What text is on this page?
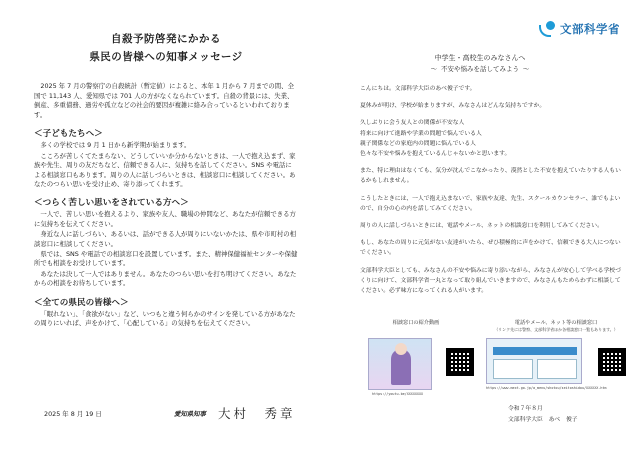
自殺予防啓発にかかる
県民の皆様への知事メッセージ
2025 年 7 月の警察庁の自殺統計（暫定値）によると、本年 1 月から 7 月までの間、全国で 11,143 人、愛知県では 701 人の方がなくなられています。自殺の背景には、失業、倒産、多重債務、過労や孤立などの社会的要因が複雑に絡み合っているといわれております。
＜子どもたちへ＞
多くの学校では 9 月 1 日から新学期が始まります。
こころが苦しくてたまらない、どうしていいか分からないときは、一人で抱え込まず、家族や先生、周りの友だちなど、信頼できる人に、気持ちを話してください。SNS や電話による相談窓口もあります。周りの人に話しづらいときは、相談窓口に相談してください。あなたのつらい思いを受け止め、寄り添ってくれます。
＜つらく苦しい思いをされている方へ＞
一人で、苦しい思いを抱えるより、家族や友人、職場の仲間など、あなたが信頼できる方に気持ちを伝えてください。
身近な人に話しづらい、あるいは、話ができる人が周りにいないかたは、県や市町村の相談窓口に相談してください。
県では、SNS や電話での相談窓口を設置しています。また、精神保健福祉センターや保健所でも相談をお受けしています。
あなたは決して一人ではありません。あなたのつらい思いを打ち明けてください。あなたからの相談をお待ちしています。
＜全ての県民の皆様へ＞
「眠れない」、「食欲がない」など、いつもと違う何らかのサインを発している方があなたの周りにいれば、声をかけて、「心配している」の気持ちを伝えてください。
2025 年 8 月 19 日	愛知県知事 大村　秀章
文部科学省
中学生・高校生のみなさんへ
～ 不安や悩みを話してみよう ～
こんにちは。文部科学大臣のあべ俊子です。
夏休みが明け、学校が始まりますが、みなさんはどんな気持ちですか。
久しぶりに会う友人との関係が不安な人
将来に向けて進路や学業の問題で悩んでいる人
親子関係などの家庭内の問題に悩んでいる人
色々な不安や悩みを抱えているんじゃないかと思います。
また、特に理由はなくても、気分が沈んでこなかったり、漠然とした不安を抱えていたりする人もいるかもしれません。
こうしたときには、一人で抱え込まないで、家族や友達、先生、スクールカウンセラー、誰でもよいので、自分の心の内を話してみてください。
周りの人に話しづらいときには、電話やメール、ネットの相談窓口を利用してみてください。
もし、あなたの周りに元気がない友達がいたら、ぜひ積極的に声をかけて、信頼できる大人につないでください。
文部科学大臣としても、みなさんの不安や悩みに寄り添いながら、みなさんが安心して学べる学校づくりに向けて、文部科学省一丸となって取り組んでいきますので、みなさんもためらわずに相談してください。必ず味方になってくれる人がいます。
相談窓口の紹介動画
https://youtu.be/XXXXXXXX
電話やメール、ネット等の相談窓口
（リンク先には警察、文部科学省ほか各相談窓口一覧もあります。）
https://www.mext.go.jp/a_menu/shotou/seitoshidou/XXXXXX.htm
令和７年８月
文部科学大臣　あべ　俊子
